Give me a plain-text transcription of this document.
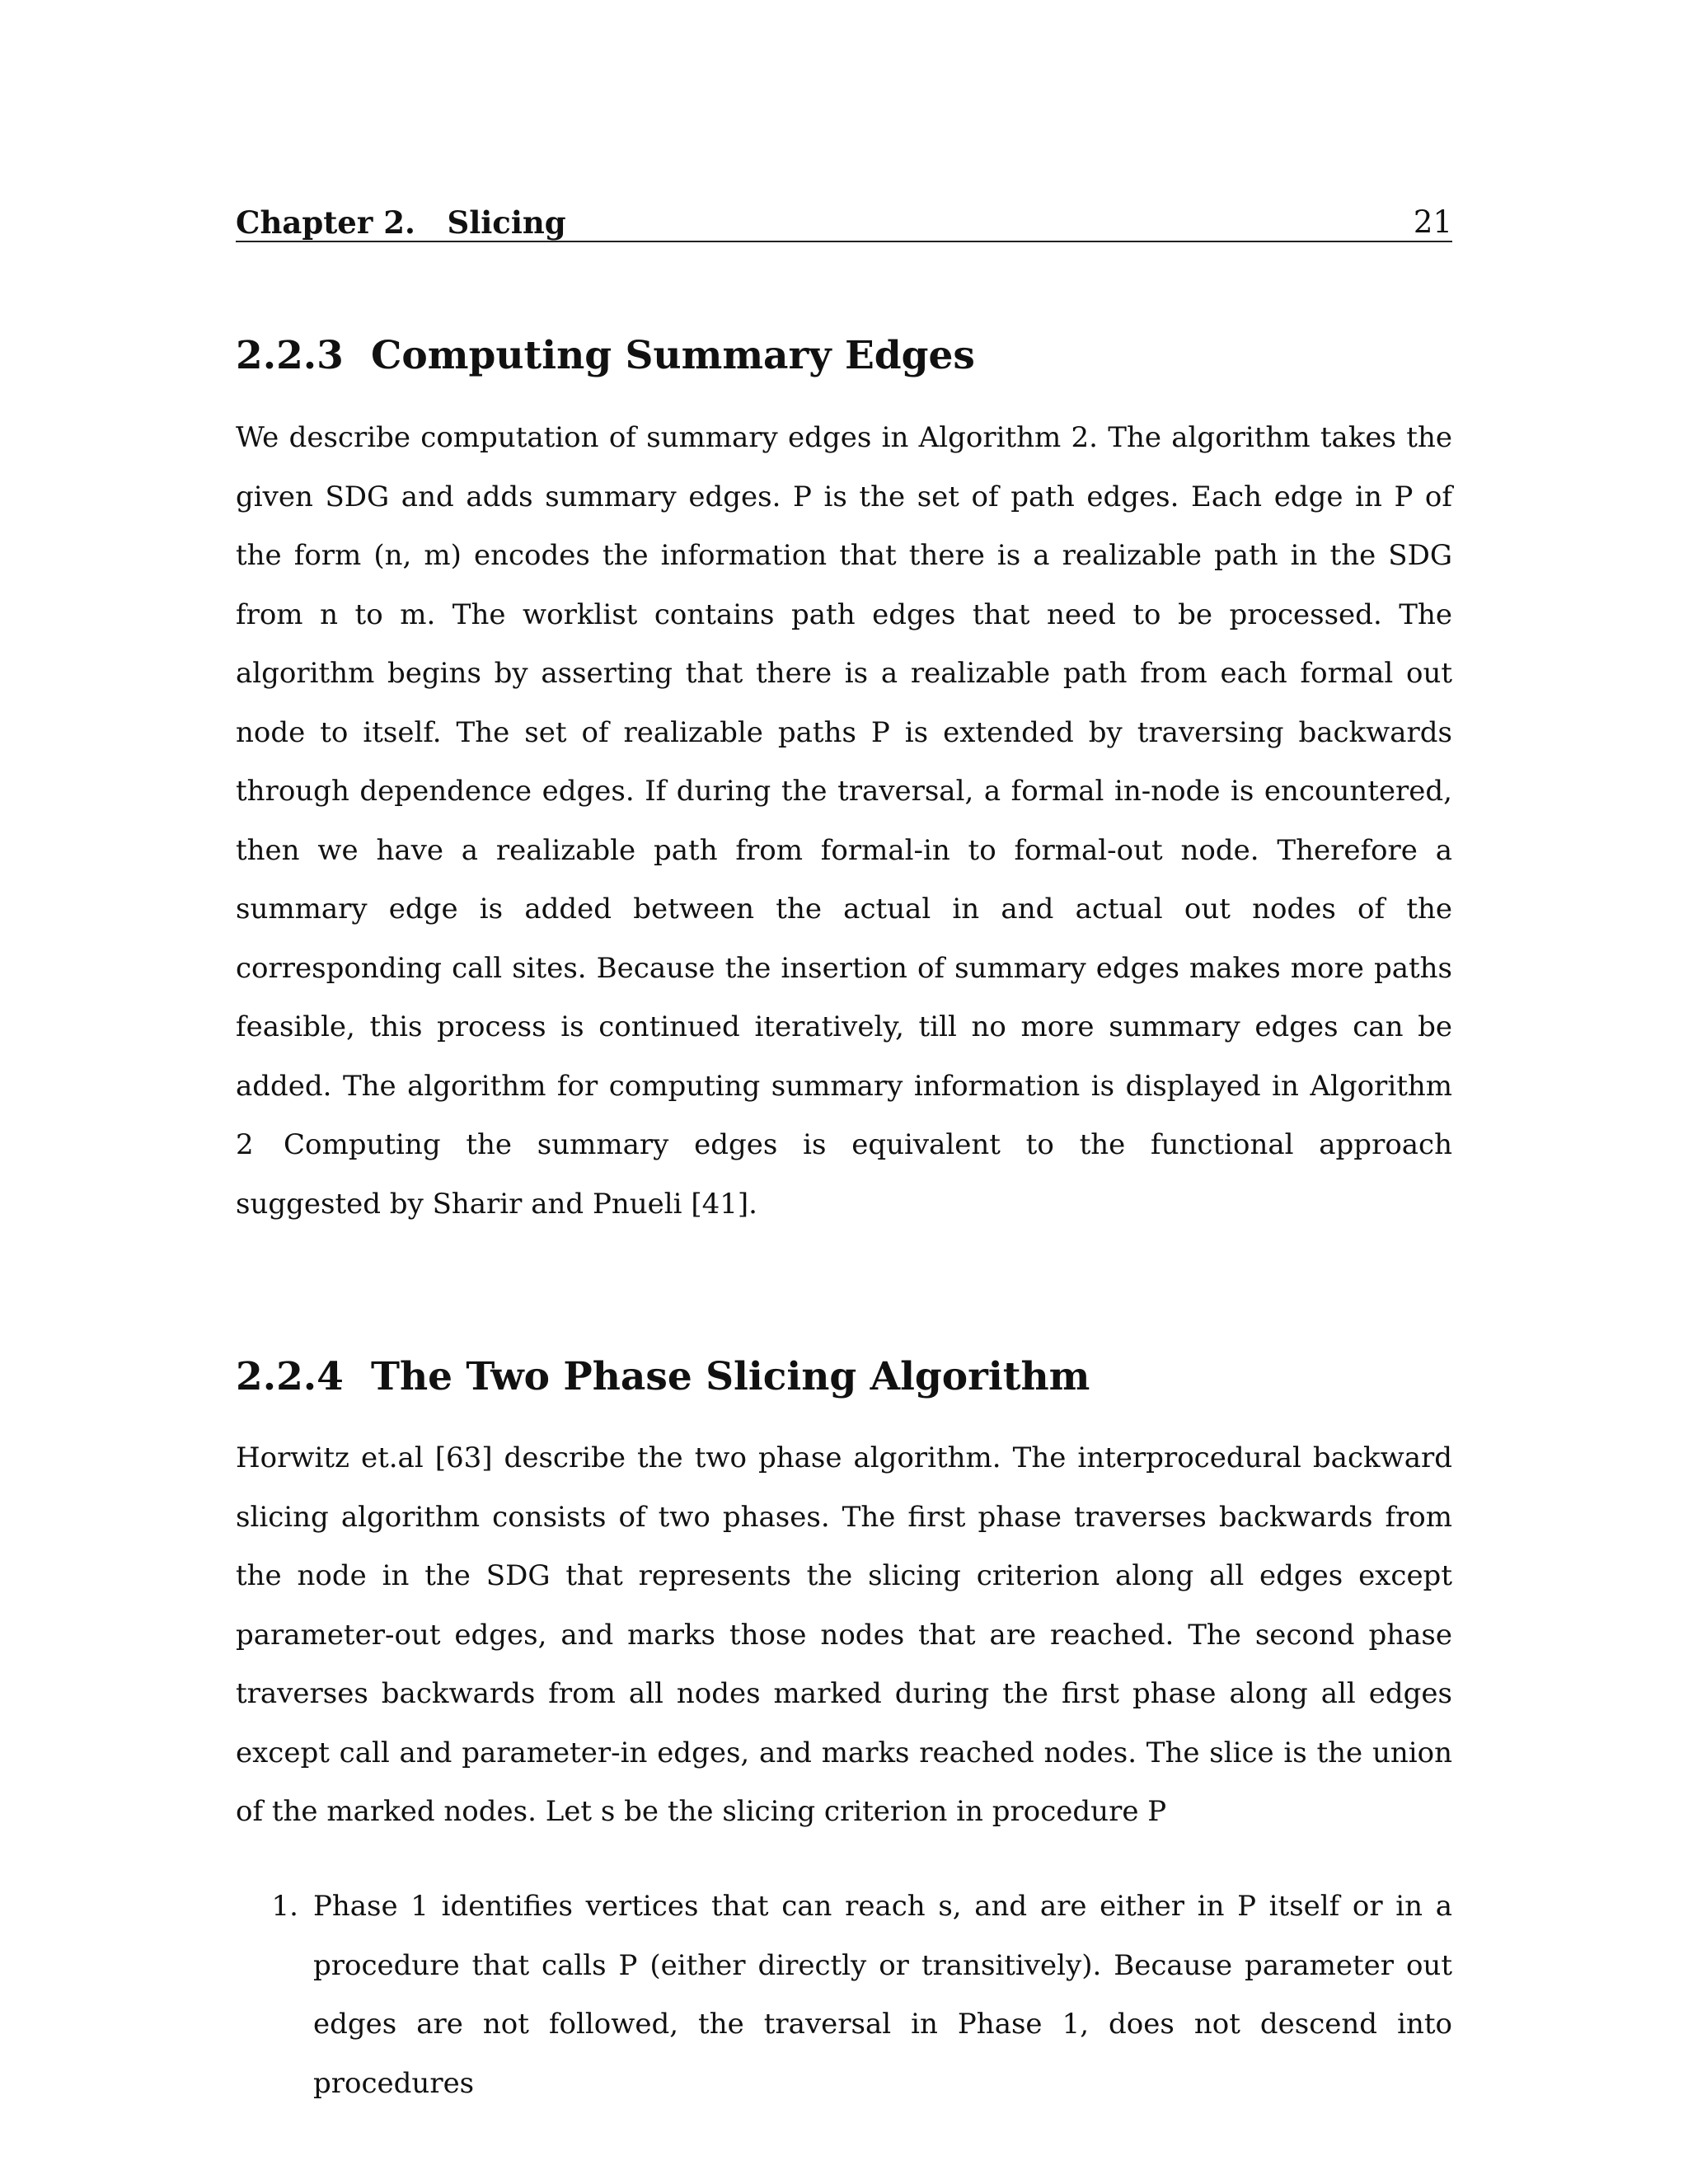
Chapter 2.   Slicing	21
2.2.3 Computing Summary Edges

We describe computation of summary edges in Algorithm 2. The algorithm takes the given SDG and adds summary edges. P is the set of path edges. Each edge in P of the form (n, m) encodes the information that there is a realizable path in the SDG from n to m. The worklist contains path edges that need to be processed. The algorithm begins by asserting that there is a realizable path from each formal out node to itself. The set of realizable paths P is extended by traversing backwards through dependence edges. If during the traversal, a formal in-node is encountered, then we have a realizable path from formal-in to formal-out node. Therefore a summary edge is added between the actual in and actual out nodes of the corresponding call sites. Because the insertion of summary edges makes more paths feasible, this process is continued iteratively, till no more summary edges can be added. The algorithm for computing summary information is displayed in Algorithm 2	Computing the summary edges is equivalent to the functional approach suggested by Sharir and Pnueli [41].

2.2.4 The Two Phase Slicing Algorithm

Horwitz et.al [63] describe the two phase algorithm. The interprocedural backward slicing algorithm consists of two phases. The first phase traverses backwards from the node in the SDG that represents the slicing criterion along all edges except parameter-out edges, and marks those nodes that are reached. The second phase traverses backwards from all nodes marked during the first phase along all edges except call and parameter-in edges, and marks reached nodes. The slice is the union of the marked nodes. Let s be the slicing criterion in procedure P

1. Phase 1 identifies vertices that can reach s, and are either in P itself or in a procedure that calls P (either directly or transitively). Because parameter out edges are not followed, the traversal in Phase 1, does not descend into procedures
